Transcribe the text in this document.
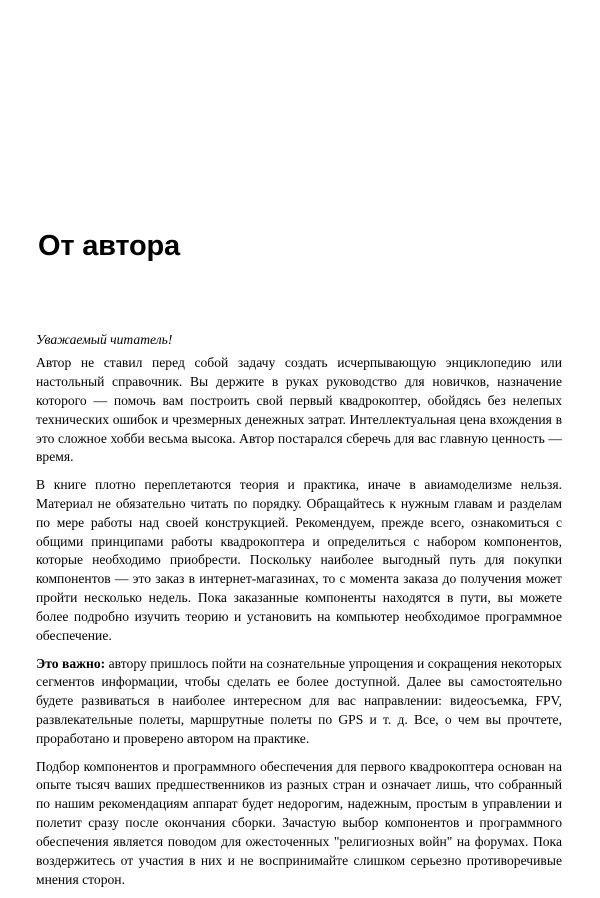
От автора

Уважаемый читатель!

Автор не ставил перед собой задачу создать исчерпывающую энциклопедию или настольный справочник. Вы держите в руках руководство для новичков, назначение которого — помочь вам построить свой первый квадрокоптер, обойдясь без нелепых технических ошибок и чрезмерных денежных затрат. Интеллектуальная цена вхождения в это сложное хобби весьма высока. Автор постарался сберечь для вас главную ценность — время.

В книге плотно переплетаются теория и практика, иначе в авиамоделизме нельзя. Материал не обязательно читать по порядку. Обращайтесь к нужным главам и разделам по мере работы над своей конструкцией. Рекомендуем, прежде всего, ознакомиться с общими принципами работы квадрокоптера и определиться с набором компонентов, которые необходимо приобрести. Поскольку наиболее выгодный путь для покупки компонентов — это заказ в интернет-магазинах, то с момента заказа до получения может пройти несколько недель. Пока заказанные компоненты находятся в пути, вы можете более подробно изучить теорию и установить на компьютер необходимое программное обеспечение.

Это важно: автору пришлось пойти на сознательные упрощения и сокращения некоторых сегментов информации, чтобы сделать ее более доступной. Далее вы самостоятельно будете развиваться в наиболее интересном для вас направлении: видеосъемка, FPV, развлекательные полеты, маршрутные полеты по GPS и т. д. Все, о чем вы прочтете, проработано и проверено автором на практике.

Подбор компонентов и программного обеспечения для первого квадрокоптера основан на опыте тысяч ваших предшественников из разных стран и означает лишь, что собранный по нашим рекомендациям аппарат будет недорогим, надежным, простым в управлении и полетит сразу после окончания сборки. Зачастую выбор компонентов и программного обеспечения является поводом для ожесточенных "религиозных войн" на форумах. Пока воздержитесь от участия в них и не воспринимайте слишком серьезно противоречивые мнения сторон.
